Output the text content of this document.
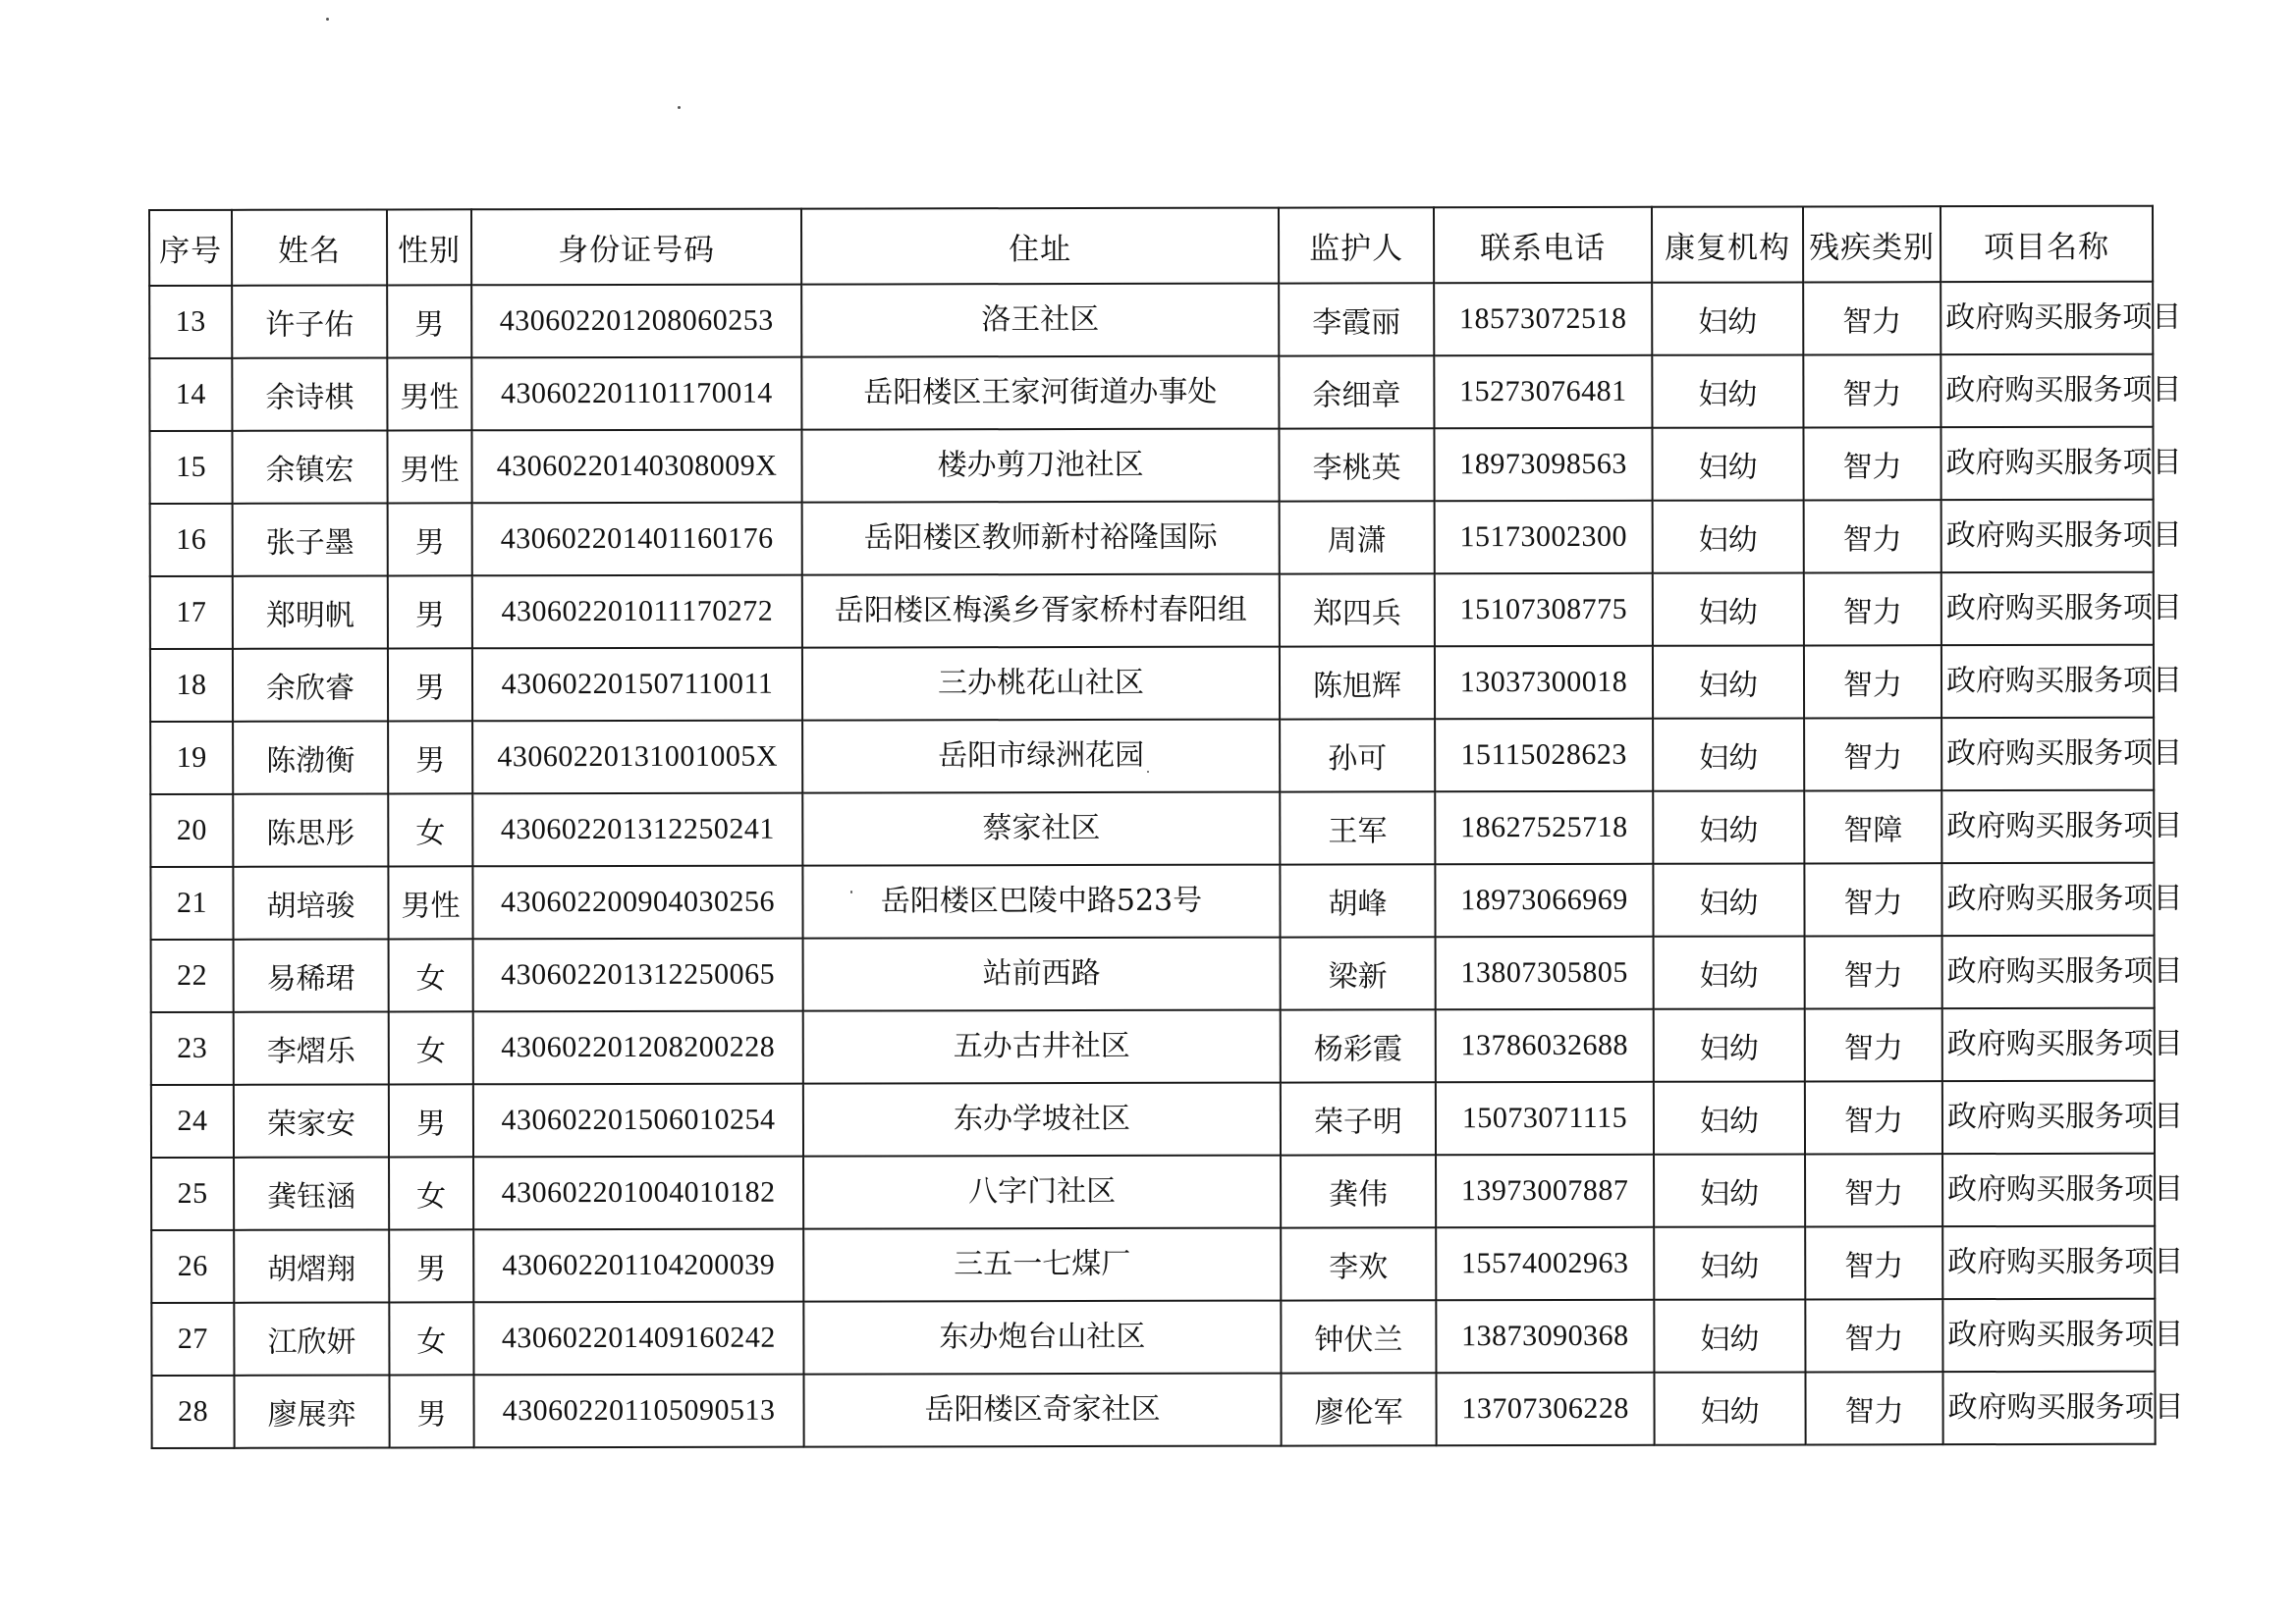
序号	姓名	性别	身份证号码	住址	监护人	联系电话	康复机构	残疾类别	项目名称
13	许子佑	男	430602201208060253	洛王社区	李霞丽	18573072518	妇幼	智力	政府购买服务项目
14	余诗棋	男性	430602201101170014	岳阳楼区王家河街道办事处	余细章	15273076481	妇幼	智力	政府购买服务项目
15	余镇宏	男性	43060220140308009X	楼办剪刀池社区	李桃英	18973098563	妇幼	智力	政府购买服务项目
16	张子墨	男	430602201401160176	岳阳楼区教师新村裕隆国际	周潇	15173002300	妇幼	智力	政府购买服务项目
17	郑明帆	男	430602201011170272	岳阳楼区梅溪乡胥家桥村春阳组	郑四兵	15107308775	妇幼	智力	政府购买服务项目
18	余欣睿	男	430602201507110011	三办桃花山社区	陈旭辉	13037300018	妇幼	智力	政府购买服务项目
19	陈渤衡	男	43060220131001005X	岳阳市绿洲花园	孙可	15115028623	妇幼	智力	政府购买服务项目
20	陈思彤	女	430602201312250241	蔡家社区	王军	18627525718	妇幼	智障	政府购买服务项目
21	胡培骏	男性	430602200904030256	岳阳楼区巴陵中路523号	胡峰	18973066969	妇幼	智力	政府购买服务项目
22	易稀珺	女	430602201312250065	站前西路	梁新	13807305805	妇幼	智力	政府购买服务项目
23	李熠乐	女	430602201208200228	五办古井社区	杨彩霞	13786032688	妇幼	智力	政府购买服务项目
24	荣家安	男	430602201506010254	东办学坡社区	荣子明	15073071115	妇幼	智力	政府购买服务项目
25	龚钰涵	女	430602201004010182	八字门社区	龚伟	13973007887	妇幼	智力	政府购买服务项目
26	胡熠翔	男	430602201104200039	三五一七煤厂	李欢	15574002963	妇幼	智力	政府购买服务项目
27	江欣妍	女	430602201409160242	东办炮台山社区	钟伏兰	13873090368	妇幼	智力	政府购买服务项目
28	廖展弈	男	430602201105090513	岳阳楼区奇家社区	廖伦军	13707306228	妇幼	智力	政府购买服务项目
